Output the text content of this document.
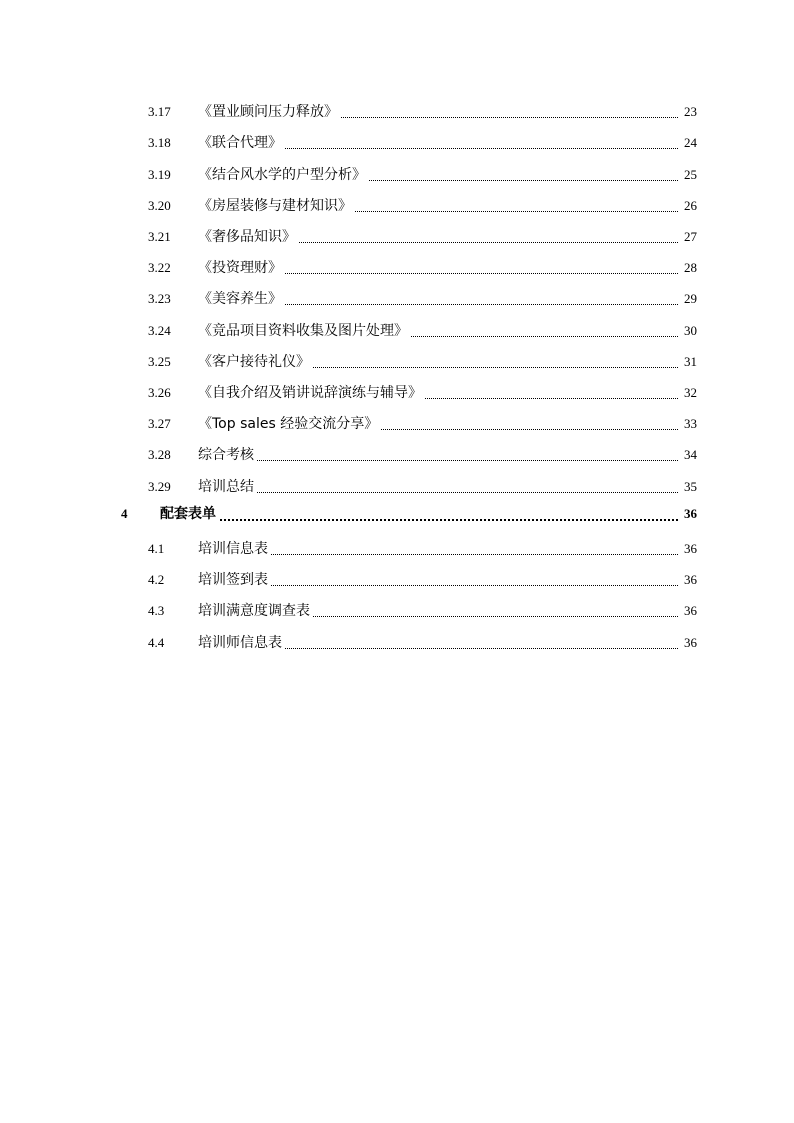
3.17 《置业顾问压力释放》	23
3.18 《联合代理》	24
3.19 《结合风水学的户型分析》	25
3.20 《房屋装修与建材知识》	26
3.21 《奢侈品知识》	27
3.22 《投资理财》	28
3.23 《美容养生》	29
3.24 《竞品项目资料收集及图片处理》	30
3.25 《客户接待礼仪》	31
3.26 《自我介绍及销讲说辞演练与辅导》	32
3.27 《Top sales 经验交流分享》	33
3.28 综合考核	34
3.29 培训总结	35
4 配套表单	36
4.1 培训信息表	36
4.2 培训签到表	36
4.3 培训满意度调查表	36
4.4 培训师信息表	36
